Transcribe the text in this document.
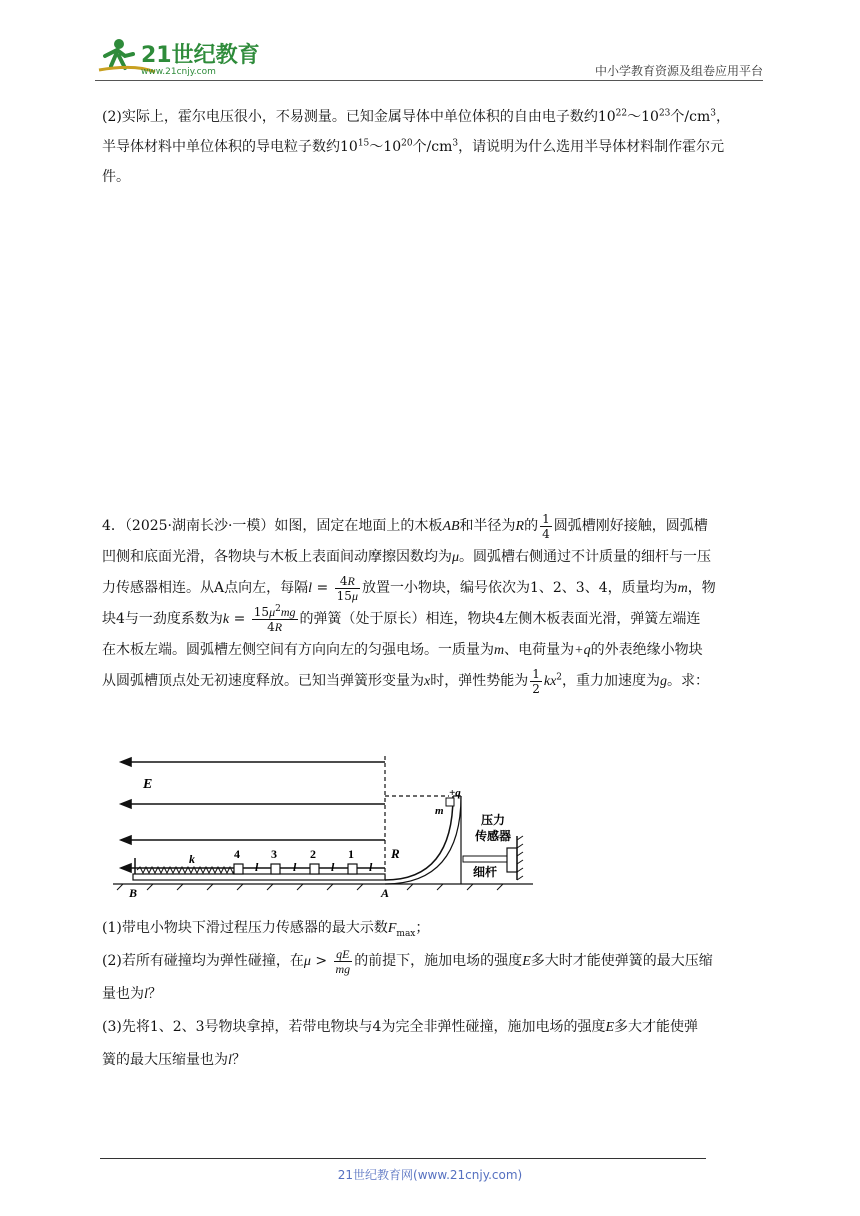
21世纪教育
www.21cnjy.com	中小学教育资源及组卷应用平台
(2)实际上，霍尔电压很小，不易测量。已知金属导体中单位体积的自由电子数约$10^{22}\sim 10^{23}$个$/cm^3$，
半导体材料中单位体积的导电粒子数约$10^{15}\sim 10^{20}$个$/cm^3$，请说明为什么选用半导体材料制作霍尔元
件。
4．（2025·湖南长沙·一模）如图，固定在地面上的木板AB和半径为R的 $\frac{1}{4}$ 圆弧槽刚好接触，圆弧槽
凹侧和底面光滑，各物块与木板上表面间动摩擦因数均为μ。圆弧槽右侧通过不计质量的细杆与一压
力传感器相连。从A点向左，每隔$l = \frac{4R}{15\mu}$ 放置一小物块，编号依次为1、2、3、4，质量均为m，物
块4与一劲度系数为$k = \frac{15\mu^2mg}{4R}$ 的弹簧（处于原长）相连，物块4左侧木板表面光滑，弹簧左端连
在木板左端。圆弧槽左侧空间有方向向左的匀强电场。一质量为m、电荷量为+q的外表绝缘小物块
从圆弧槽顶点处无初速度释放。已知当弹簧形变量为x时，弹性势能为 $\frac{1}{2} kx^2$，重力加速度为g。求：
E
R
+q
m
压力
传感器
细杆
B	A
k	4	3	2	1
l	l	l	l
(1)带电小物块下滑过程压力传感器的最大示数$F_{max}$；
(2)若所有碰撞均为弹性碰撞，在$\mu > \frac{qE}{mg}$ 的前提下，施加电场的强度E多大时才能使弹簧的最大压缩
量也为l？
(3)先将1、2、3号物块拿掉，若带电物块与4为完全非弹性碰撞，施加电场的强度E多大才能使弹
簧的最大压缩量也为l？
21世纪教育网(www.21cnjy.com)
